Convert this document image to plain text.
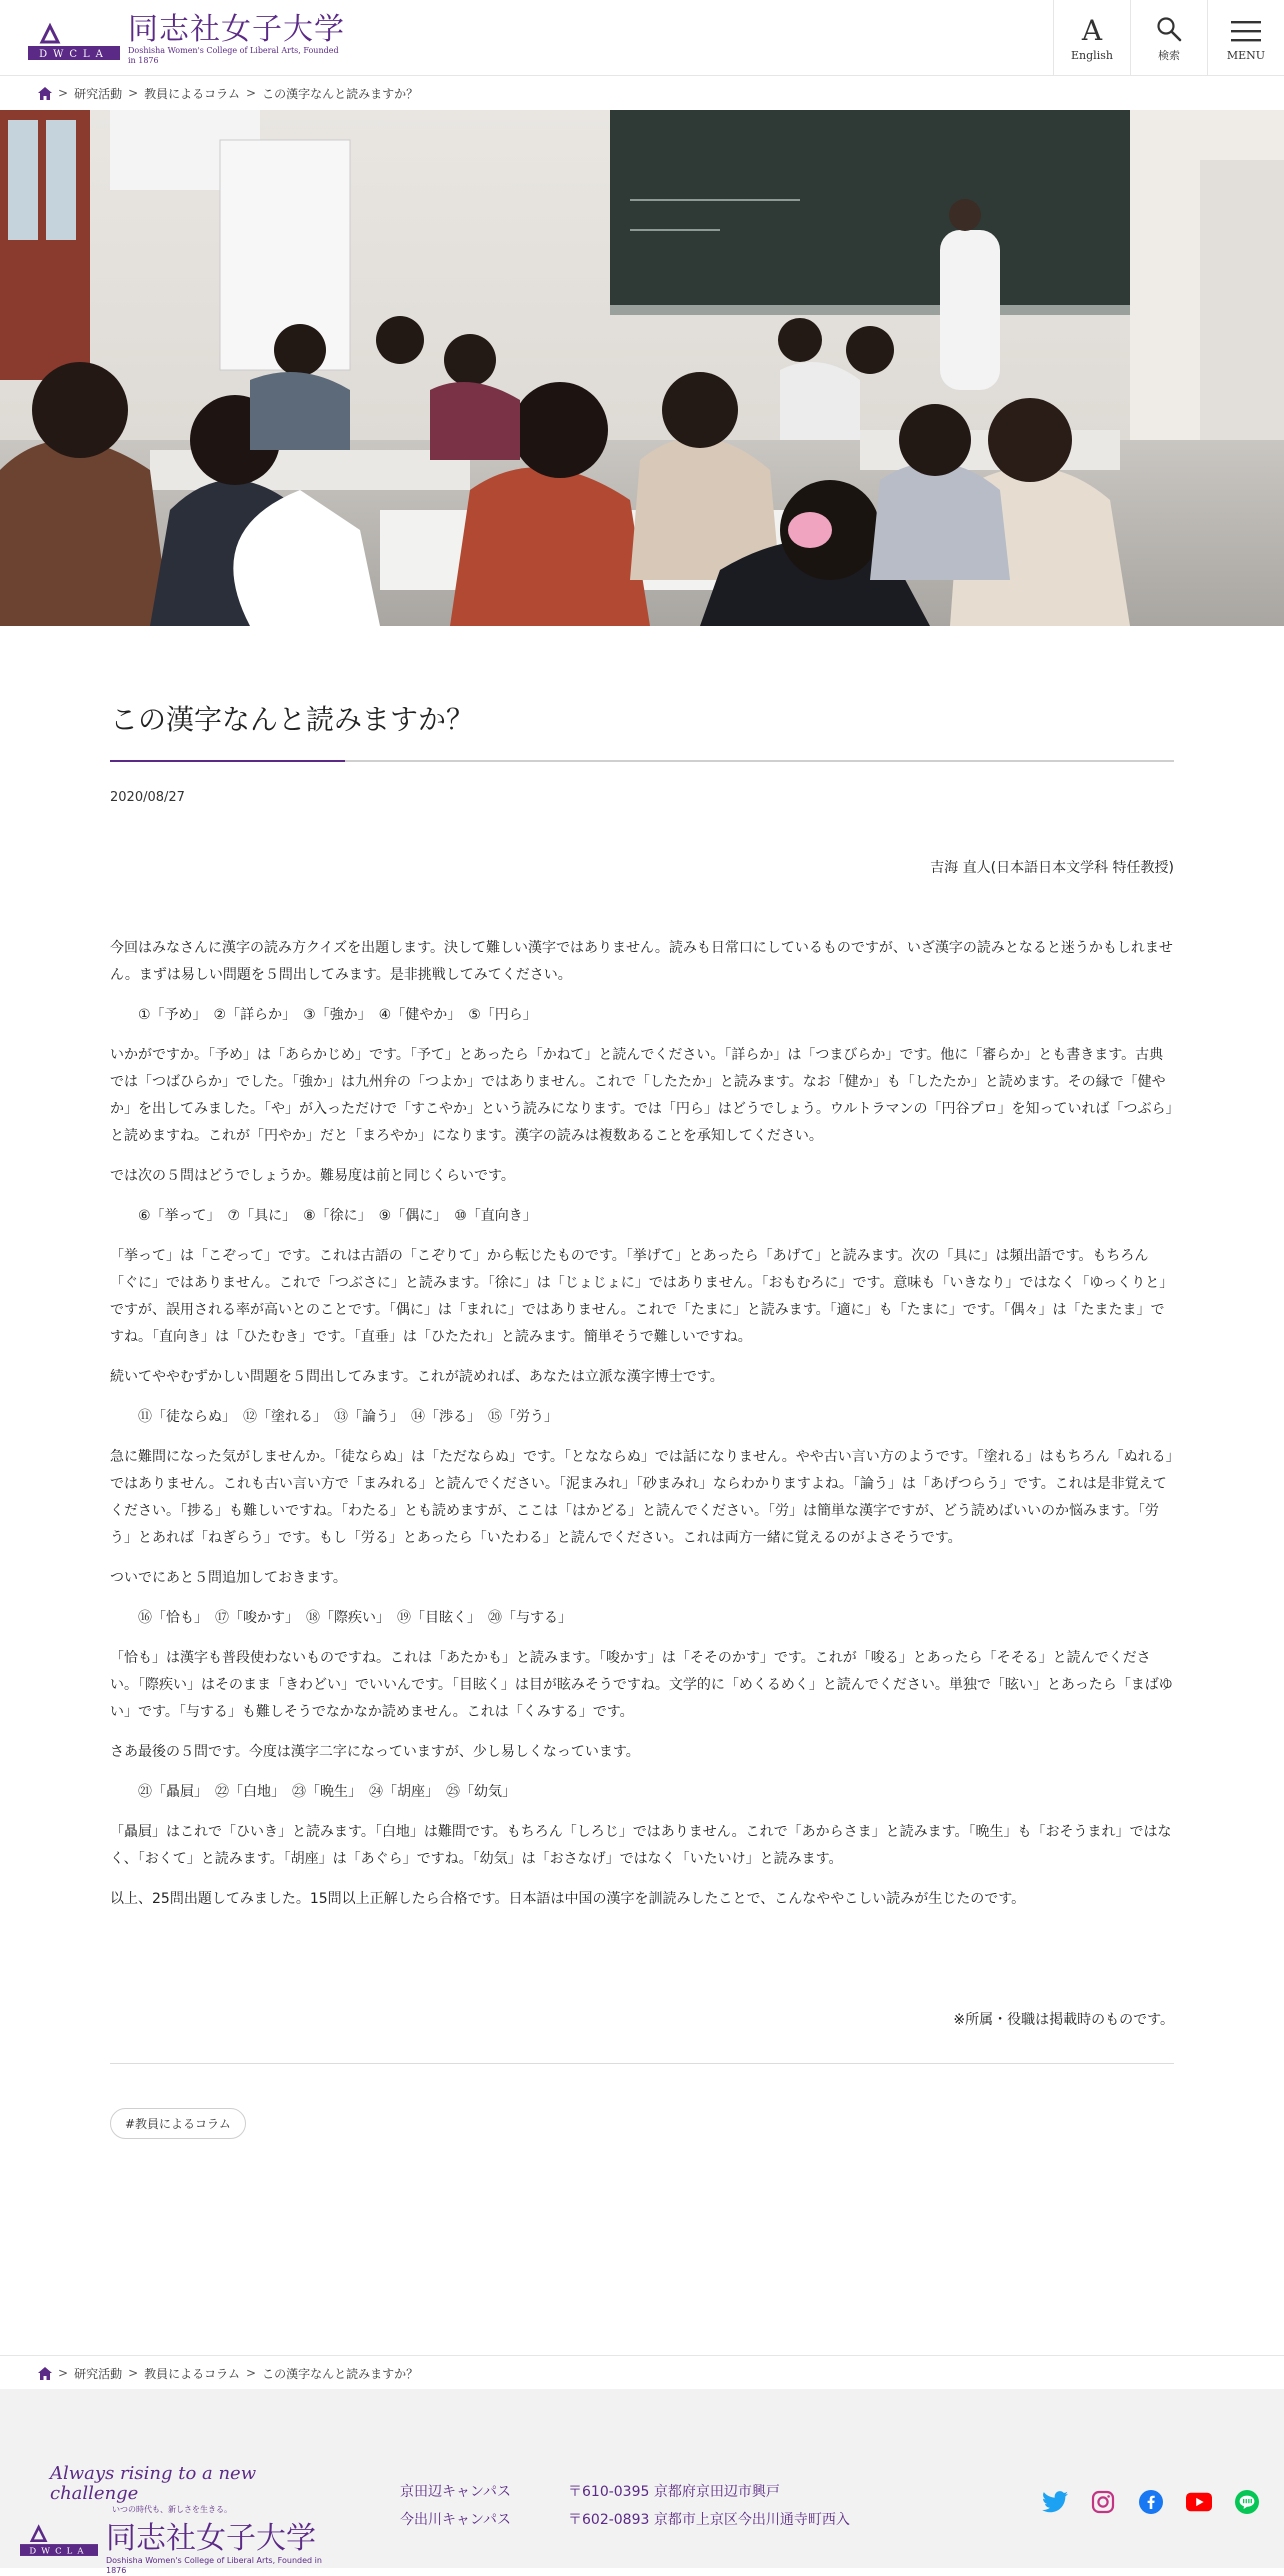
DWCLA
同志社女子大学
Doshisha Women's College of Liberal Arts, Founded in 1876
A
English	検索	MENU
> 研究活動 > 教員によるコラム > この漢字なんと読みますか？
この漢字なんと読みますか？
2020/08/27
吉海 直人(日本語日本文学科 特任教授)

今回はみなさんに漢字の読み方クイズを出題します。決して難しい漢字ではありません。読みも日常口にしているものですが、いざ漢字の読みとなると迷うかもしれません。まずは易しい問題を５問出してみます。是非挑戦してみてください。

①「予め」　②「詳らか」　③「強か」　④「健やか」　⑤「円ら」

いかがですか。「予め」は「あらかじめ」です。「予て」とあったら「かねて」と読んでください。「詳らか」は「つまびらか」です。他に「審らか」とも書きます。古典では「つばひらか」でした。「強か」は九州弁の「つよか」ではありません。これで「したたか」と読みます。なお「健か」も「したたか」と読めます。その縁で「健やか」を出してみました。「や」が入っただけで「すこやか」という読みになります。では「円ら」はどうでしょう。ウルトラマンの「円谷プロ」を知っていれば「つぶら」と読めますね。これが「円やか」だと「まろやか」になります。漢字の読みは複数あることを承知してください。

では次の５問はどうでしょうか。難易度は前と同じくらいです。

⑥「挙って」　⑦「具に」　⑧「徐に」　⑨「偶に」　⑩「直向き」

「挙って」は「こぞって」です。これは古語の「こぞりて」から転じたものです。「挙げて」とあったら「あげて」と読みます。次の「具に」は頻出語です。もちろん「ぐに」ではありません。これで「つぶさに」と読みます。「徐に」は「じょじょに」ではありません。「おもむろに」です。意味も「いきなり」ではなく「ゆっくりと」ですが、誤用される率が高いとのことです。「偶に」は「まれに」ではありません。これで「たまに」と読みます。「適に」も「たまに」です。「偶々」は「たまたま」ですね。「直向き」は「ひたむき」です。「直垂」は「ひたたれ」と読みます。簡単そうで難しいですね。

続いてややむずかしい問題を５問出してみます。これが読めれば、あなたは立派な漢字博士です。

⑪「徒ならぬ」　⑫「塗れる」　⑬「論う」　⑭「渉る」　⑮「労う」

急に難問になった気がしませんか。「徒ならぬ」は「ただならぬ」です。「となならぬ」では話になりません。やや古い言い方のようです。「塗れる」はもちろん「ぬれる」ではありません。これも古い言い方で「まみれる」と読んでください。「泥まみれ」「砂まみれ」ならわかりますよね。「論う」は「あげつらう」です。これは是非覚えてください。「捗る」も難しいですね。「わたる」とも読めますが、ここは「はかどる」と読んでください。「労」は簡単な漢字ですが、どう読めばいいのか悩みます。「労う」とあれば「ねぎらう」です。もし「労る」とあったら「いたわる」と読んでください。これは両方一緒に覚えるのがよさそうです。

ついでにあと５問追加しておきます。

⑯「恰も」　⑰「唆かす」　⑱「際疾い」　⑲「目眩く」　⑳「与する」

「恰も」は漢字も普段使わないものですね。これは「あたかも」と読みます。「唆かす」は「そそのかす」です。これが「唆る」とあったら「そそる」と読んでください。「際疾い」はそのまま「きわどい」でいいんです。「目眩く」は目が眩みそうですね。文学的に「めくるめく」と読んでください。単独で「眩い」とあったら「まばゆい」です。「与する」も難しそうでなかなか読めません。これは「くみする」です。

さあ最後の５問です。今度は漢字二字になっていますが、少し易しくなっています。

㉑「贔屓」　㉒「白地」　㉓「晩生」　㉔「胡座」　㉕「幼気」

「贔屓」はこれで「ひいき」と読みます。「白地」は難問です。もちろん「しろじ」ではありません。これで「あからさま」と読みます。「晩生」も「おそうまれ」ではなく、「おくて」と読みます。「胡座」は「あぐら」ですね。「幼気」は「おさなげ」ではなく「いたいけ」と読みます。

以上、25問出題してみました。15問以上正解したら合格です。日本語は中国の漢字を訓読みしたことで、こんなややこしい読みが生じたのです。

※所属・役職は掲載時のものです。
#教員によるコラム
> 研究活動 > 教員によるコラム > この漢字なんと読みますか？
Always rising to a new challenge
いつの時代も、新しさを生きる。
DWCLA 同志社女子大学
Doshisha Women's College of Liberal Arts, Founded in 1876
京田辺キャンパス	〒610-0395 京都府京田辺市興戸
今出川キャンパス	〒602-0893 京都市上京区今出川通寺町西入
